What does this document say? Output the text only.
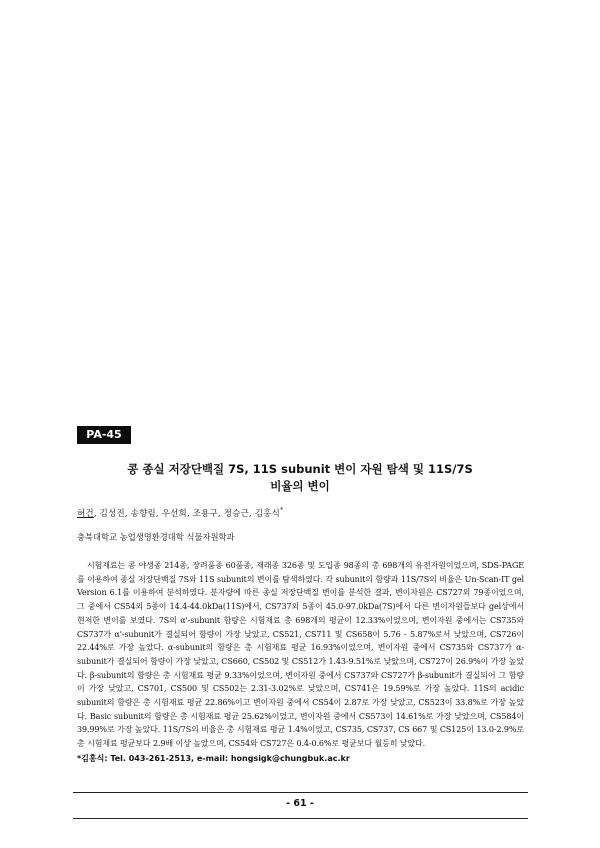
PA-45
콩 종실 저장단백질 7S, 11S subunit 변이 자원 탐색 및 11S/7S
비율의 변이
허건, 김성진, 송향림, 우선희, 조용구, 정승근, 김홍식*
충북대학교 농업생명환경대학 식물자원학과

시험재료는 콩 야생종 214종, 장려품종 60품종, 재래종 326종 및 도입종 98종의 총 698개의 유전자원이었으며, SDS-PAGE를 이용하여 종실 저장단백질 7S와 11S subunit의 변이를 탐색하였다. 각 subunit의 함량과 11S/7S의 비율은 Un-Scan-IT gel Version 6.1를 이용하여 분석하였다. 분자량에 따른 종실 저장단백질 변이를 분석한 결과, 변이자원은 CS727외 79종이었으며, 그 중에서 CS54외 5종이 14.4-44.0kDa(11S)에서, CS737외 5종이 45.0-97.0kDa(7S)에서 다른 변이자원들보다 gel상에서 현저한 변이를 보였다. 7S의 α'-subunit 함량은 시험재료 총 698개의 평균이 12.33%이었으며, 변이자원 중에서는 CS735와 CS737가 α'-subunit가 결실되어 함량이 가장 낮았고, CS521, CS711 및 CS658이 5.76 - 5.87%로서 낮았으며, CS726이 22.44%로 가장 높았다. α-subunit의 함량은 총 시험재료 평균 16.93%이었으며, 변이자원 중에서 CS735와 CS737가 α-subunit가 결실되어 함량이 가장 낮았고, CS660, CS502 및 CS512가 1.43-9.51%로 낮았으며, CS727이 26.9%이 가장 높았다. β-subunit의 함량은 총 시험재료 평균 9.33%이었으며, 변이자원 중에서 CS737와 CS727가 β-subunit가 결실되어 그 함량이 가장 낮았고, CS701, CS500 및 CS502는 2.31-3.02%로 낮았으며, CS741은 19.59%로 가장 높았다. 11S의 acidic subunit의 함량은 총 시험재료 평균 22.86%이고 변이자원 중에서 CS54이 2.87로 가장 낮았고, CS523이 33.8%로 가장 높았다. Basic subunit의 함량은 총 시험재료 평균 25.62%이었고, 변이자원 중에서 CS573이 14.61%로 가장 낮았으며, CS584이 39.99%로 가장 높았다. 11S/7S의 비율은 총 시험재료 평균 1.4%이었고, CS735, CS737, CS 667 및 CS125이 13.0-2.9%로 총 시험재료 평균보다 2.9배 이상 높았으며, CS54와 CS727은 0.4-0.6%로 평균보다 월등히 낮았다.

*김홍식: Tel. 043-261-2513, e-mail: hongsigk@chungbuk.ac.kr
- 61 -
